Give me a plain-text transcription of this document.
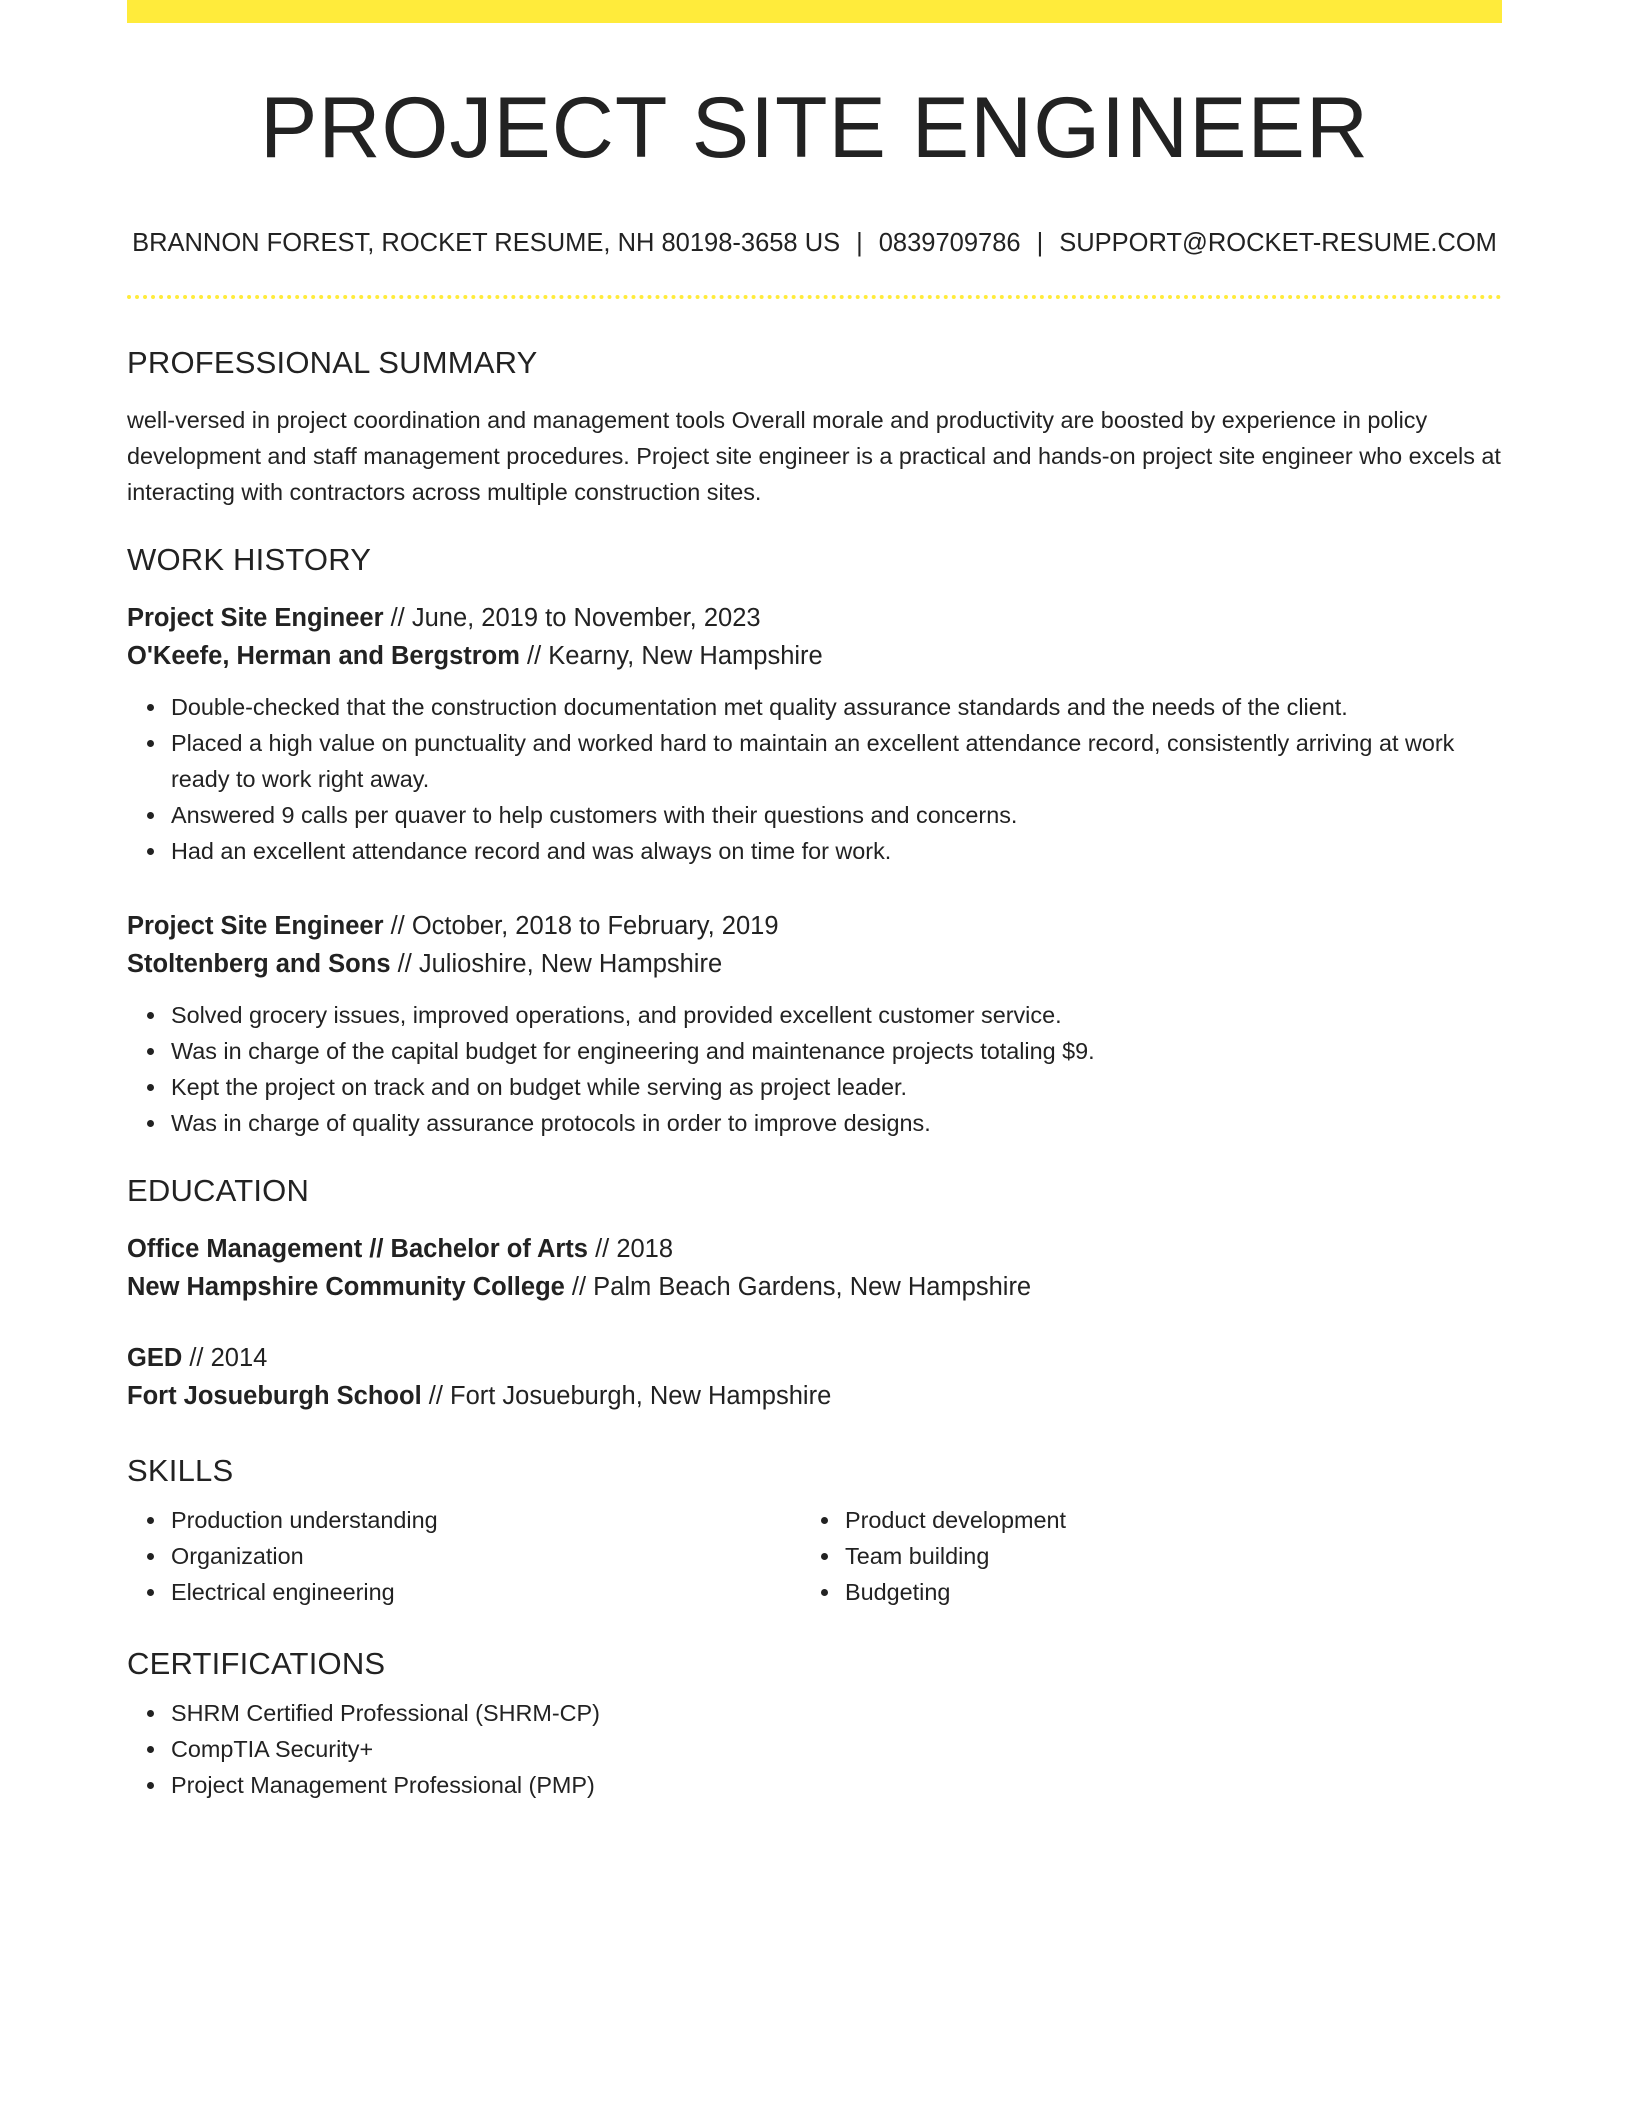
PROJECT SITE ENGINEER
BRANNON FOREST, ROCKET RESUME, NH 80198-3658 US | 0839709786 | SUPPORT@ROCKET-RESUME.COM
PROFESSIONAL SUMMARY

well-versed in project coordination and management tools Overall morale and productivity are boosted by experience in policy development and staff management procedures. Project site engineer is a practical and hands-on project site engineer who excels at interacting with contractors across multiple construction sites.

WORK HISTORY
Project Site Engineer // June, 2019 to November, 2023
O'Keefe, Herman and Bergstrom // Kearny, New Hampshire
Double-checked that the construction documentation met quality assurance standards and the needs of the client.
Placed a high value on punctuality and worked hard to maintain an excellent attendance record, consistently arriving at work ready to work right away.
Answered 9 calls per quaver to help customers with their questions and concerns.
Had an excellent attendance record and was always on time for work.
Project Site Engineer // October, 2018 to February, 2019
Stoltenberg and Sons // Julioshire, New Hampshire
Solved grocery issues, improved operations, and provided excellent customer service.
Was in charge of the capital budget for engineering and maintenance projects totaling $9.
Kept the project on track and on budget while serving as project leader.
Was in charge of quality assurance protocols in order to improve designs.
EDUCATION
Office Management // Bachelor of Arts // 2018
New Hampshire Community College // Palm Beach Gardens, New Hampshire
GED // 2014
Fort Josueburgh School // Fort Josueburgh, New Hampshire
SKILLS
Production understanding
Organization
Electrical engineering
Product development
Team building
Budgeting
CERTIFICATIONS
SHRM Certified Professional (SHRM-CP)
CompTIA Security+
Project Management Professional (PMP)
